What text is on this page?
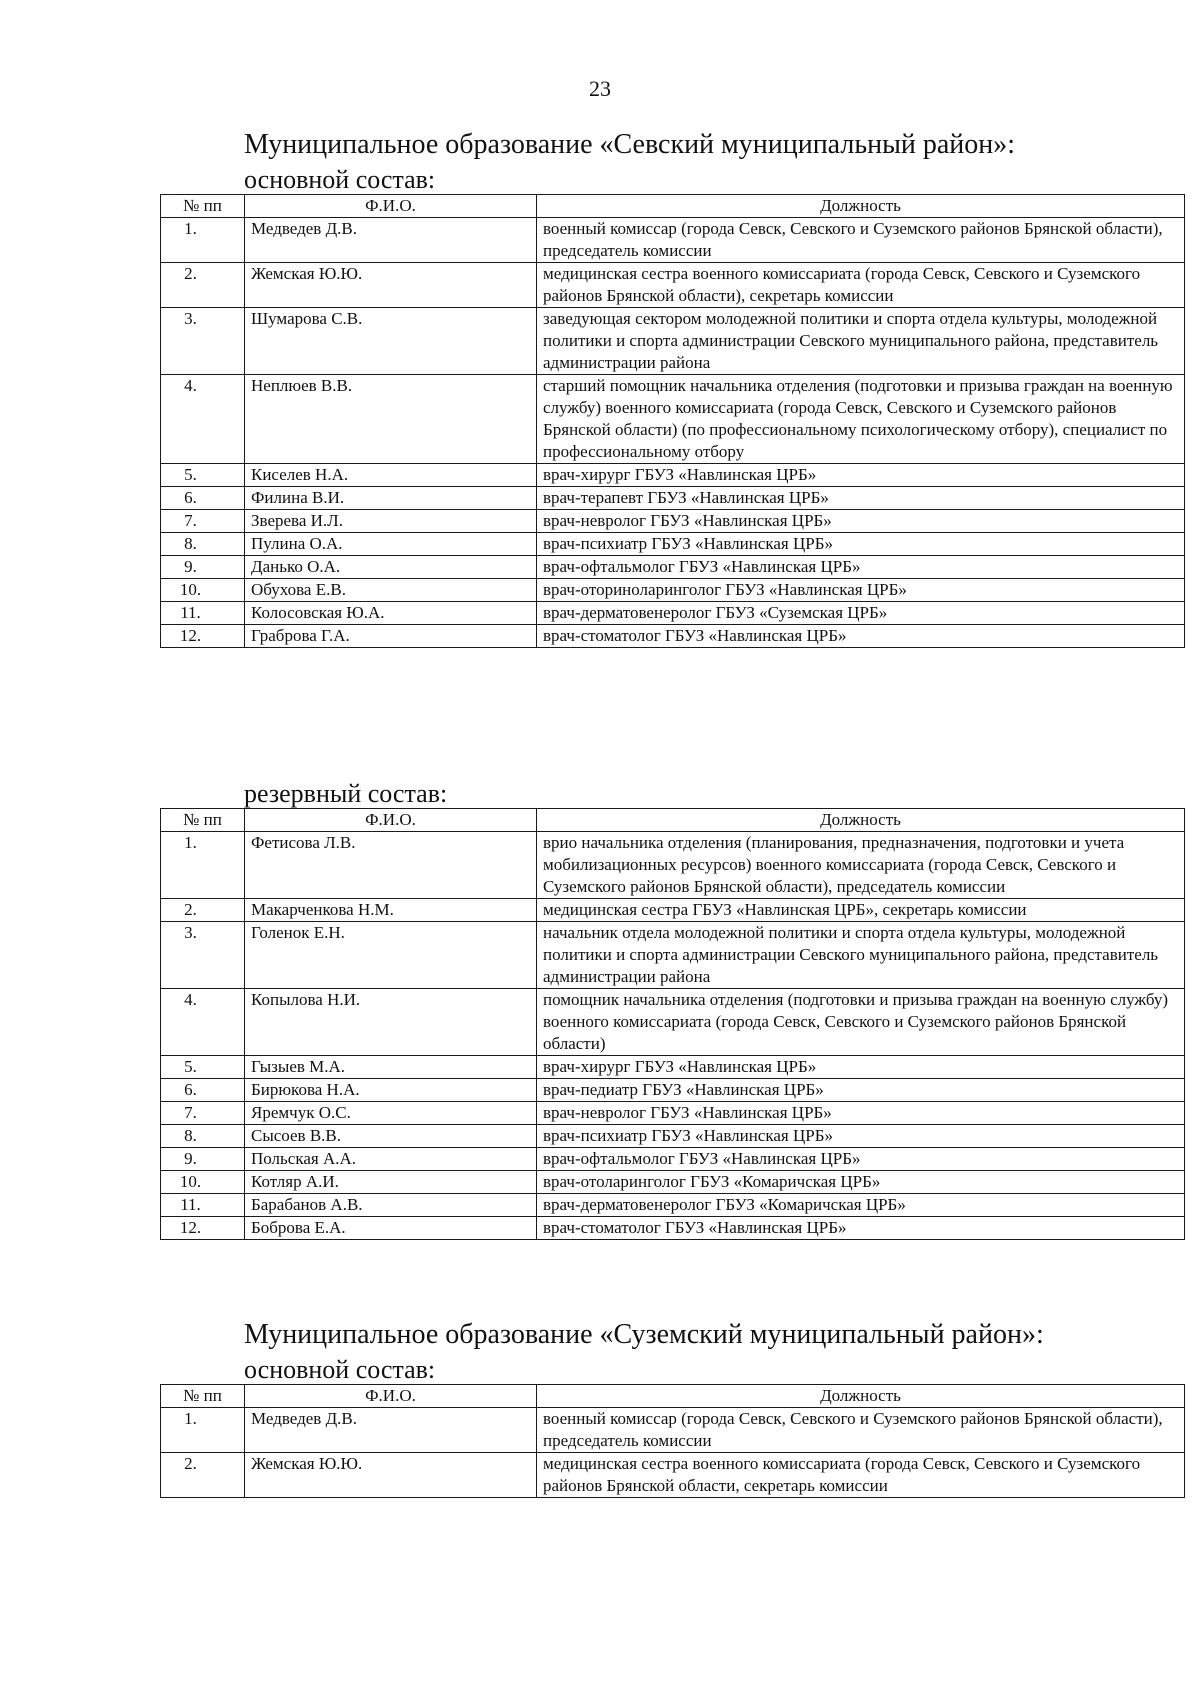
23
Муниципальное образование «Севский муниципальный район»:
основной состав:
№ пп	Ф.И.О.	Должность
1.	Медведев Д.В.	военный комиссар (города Севск, Севского и Суземского районов Брянской области), председатель комиссии
2.	Жемская Ю.Ю.	медицинская сестра военного комиссариата (города Севск, Севского и Суземского районов Брянской области), секретарь комиссии
3.	Шумарова С.В.	заведующая сектором молодежной политики и спорта отдела культуры, молодежной политики и спорта администрации Севского муниципального района, представитель администрации района
4.	Неплюев В.В.	старший помощник начальника отделения (подготовки и призыва граждан на военную службу) военного комиссариата (города Севск, Севского и Суземского районов Брянской области) (по профессиональному психологическому отбору), специалист по профессиональному отбору
5.	Киселев Н.А.	врач-хирург ГБУЗ «Навлинская ЦРБ»
6.	Филина В.И.	врач-терапевт ГБУЗ «Навлинская ЦРБ»
7.	Зверева И.Л.	врач-невролог ГБУЗ «Навлинская ЦРБ»
8.	Пулина О.А.	врач-психиатр ГБУЗ «Навлинская ЦРБ»
9.	Данько О.А.	врач-офтальмолог ГБУЗ «Навлинская ЦРБ»
10.	Обухова Е.В.	врач-оториноларинголог ГБУЗ «Навлинская ЦРБ»
11.	Колосовская Ю.А.	врач-дерматовенеролог ГБУЗ «Суземская ЦРБ»
12.	Граброва Г.А.	врач-стоматолог ГБУЗ «Навлинская ЦРБ»
резервный состав:
№ пп	Ф.И.О.	Должность
1.	Фетисова Л.В.	врио начальника отделения (планирования, предназначения, подготовки и учета мобилизационных ресурсов) военного комиссариата (города Севск, Севского и Суземского районов Брянской области), председатель комиссии
2.	Макарченкова Н.М.	медицинская сестра ГБУЗ «Навлинская ЦРБ», секретарь комиссии
3.	Голенок Е.Н.	начальник отдела молодежной политики и спорта отдела культуры, молодежной политики и спорта администрации Севского муниципального района, представитель администрации района
4.	Копылова Н.И.	помощник начальника отделения (подготовки и призыва граждан на военную службу) военного комиссариата (города Севск, Севского и Суземского районов Брянской области)
5.	Гызыев М.А.	врач-хирург ГБУЗ «Навлинская ЦРБ»
6.	Бирюкова Н.А.	врач-педиатр ГБУЗ «Навлинская ЦРБ»
7.	Яремчук О.С.	врач-невролог ГБУЗ «Навлинская ЦРБ»
8.	Сысоев В.В.	врач-психиатр ГБУЗ «Навлинская ЦРБ»
9.	Польская А.А.	врач-офтальмолог ГБУЗ «Навлинская ЦРБ»
10.	Котляр А.И.	врач-отоларинголог ГБУЗ «Комаричская ЦРБ»
11.	Барабанов А.В.	врач-дерматовенеролог ГБУЗ «Комаричская ЦРБ»
12.	Боброва Е.А.	врач-стоматолог ГБУЗ «Навлинская ЦРБ»
Муниципальное образование «Суземский муниципальный район»:
основной состав:
№ пп	Ф.И.О.	Должность
1.	Медведев Д.В.	военный комиссар (города Севск, Севского и Суземского районов Брянской области), председатель комиссии
2.	Жемская Ю.Ю.	медицинская сестра военного комиссариата (города Севск, Севского и Суземского районов Брянской области, секретарь комиссии
